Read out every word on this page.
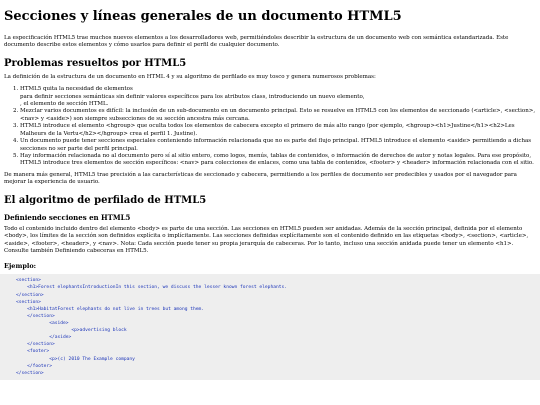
Secciones y líneas generales de un documento HTML5

La especificación HTML5 trae muchos nuevos elementos a los desarrolladores web, permitiéndoles describir la estructura de un documento web con semántica estandarizada. Este documento describe estos elementos y cómo usarlos para definir el perfil de cualquier documento.

Problemas resueltos por HTML5

La definición de la estructura de un documento en HTML 4 y su algoritmo de perfilado es muy tosco y genera numerosos problemas:

1. HTML5 quita la necesidad de elementos
para definir secciones semánticas sin definir valores específicos para los atributos class, introduciendo un nuevo elemento,
, el elemento de sección HTML.
2. Mezclar varios documentos es difícil: la inclusión de un sub-documento en un documento principal. Esto se resuelve en HTML5 con los elementos de seccionado (<article>, <section>, <nav> y <aside>) son siempre subsecciones de su sección ancestra más cercana.
3. HTML5 introduce el elemento <hgroup> que oculta todos los elementos de cabecera excepto el primero de más alto rango (por ejemplo, <hgroup><h1>Justine</h1><h2>Les Malheurs de la Vertu</h2></hgroup> crea el perfil 1. Justine).
4. Un documento puede tener secciones especiales conteniendo información relacionada que no es parte del flujo principal. HTML5 introduce el elemento <aside> permitiendo a dichas secciones no ser parte del perfil principal.
5. Hay información relacionada no al documento pero sí al sitio entero, como logos, menús, tablas de contenidos, o información de derechos de autor y notas legales. Para ese propósito, HTML5 introduce tres elementos de sección específicos: <nav> para colecciones de enlaces, como una tabla de contenidos, <footer> y <header> información relacionada con el sitio.

De manera más general, HTML5 trae precisión a las características de seccionado y cabecera, permitiendo a los perfiles de documento ser predecibles y usados por el navegador para mejorar la experiencia de usuario.

El algoritmo de perfilado de HTML5
Definiendo secciones en HTML5

Todo el contenido incluido dentro del elemento <body> es parte de una sección. Las secciones en HTML5 pueden ser anidadas. Además de la sección principal, definida por el elemento <body>, los límites de la sección son definidos explícita o implícitamente. Las secciones definidas explícitamente son el contenido definido en las etiquetas <body>, <section>, <article>, <aside>, <footer>, <header>, y <nav>. Nota: Cada sección puede tener su propia jerarquía de cabeceras. Por lo tanto, incluso una sección anidada puede tener un elemento <h1>. Consulte también Definiendo cabeceras en HTML5.

Ejemplo:
<section>
<h1>Forest elephantsIntroductionIn this section, we discuss the lesser known forest elephants.
</section>
<section>
<h1>HabitatForest elephants do not live in trees but among them.
</section>
<aside>
<p>advertising block
</aside>
</section>
<footer>
<p>(c) 2010 The Example company
</footer>
</section>
